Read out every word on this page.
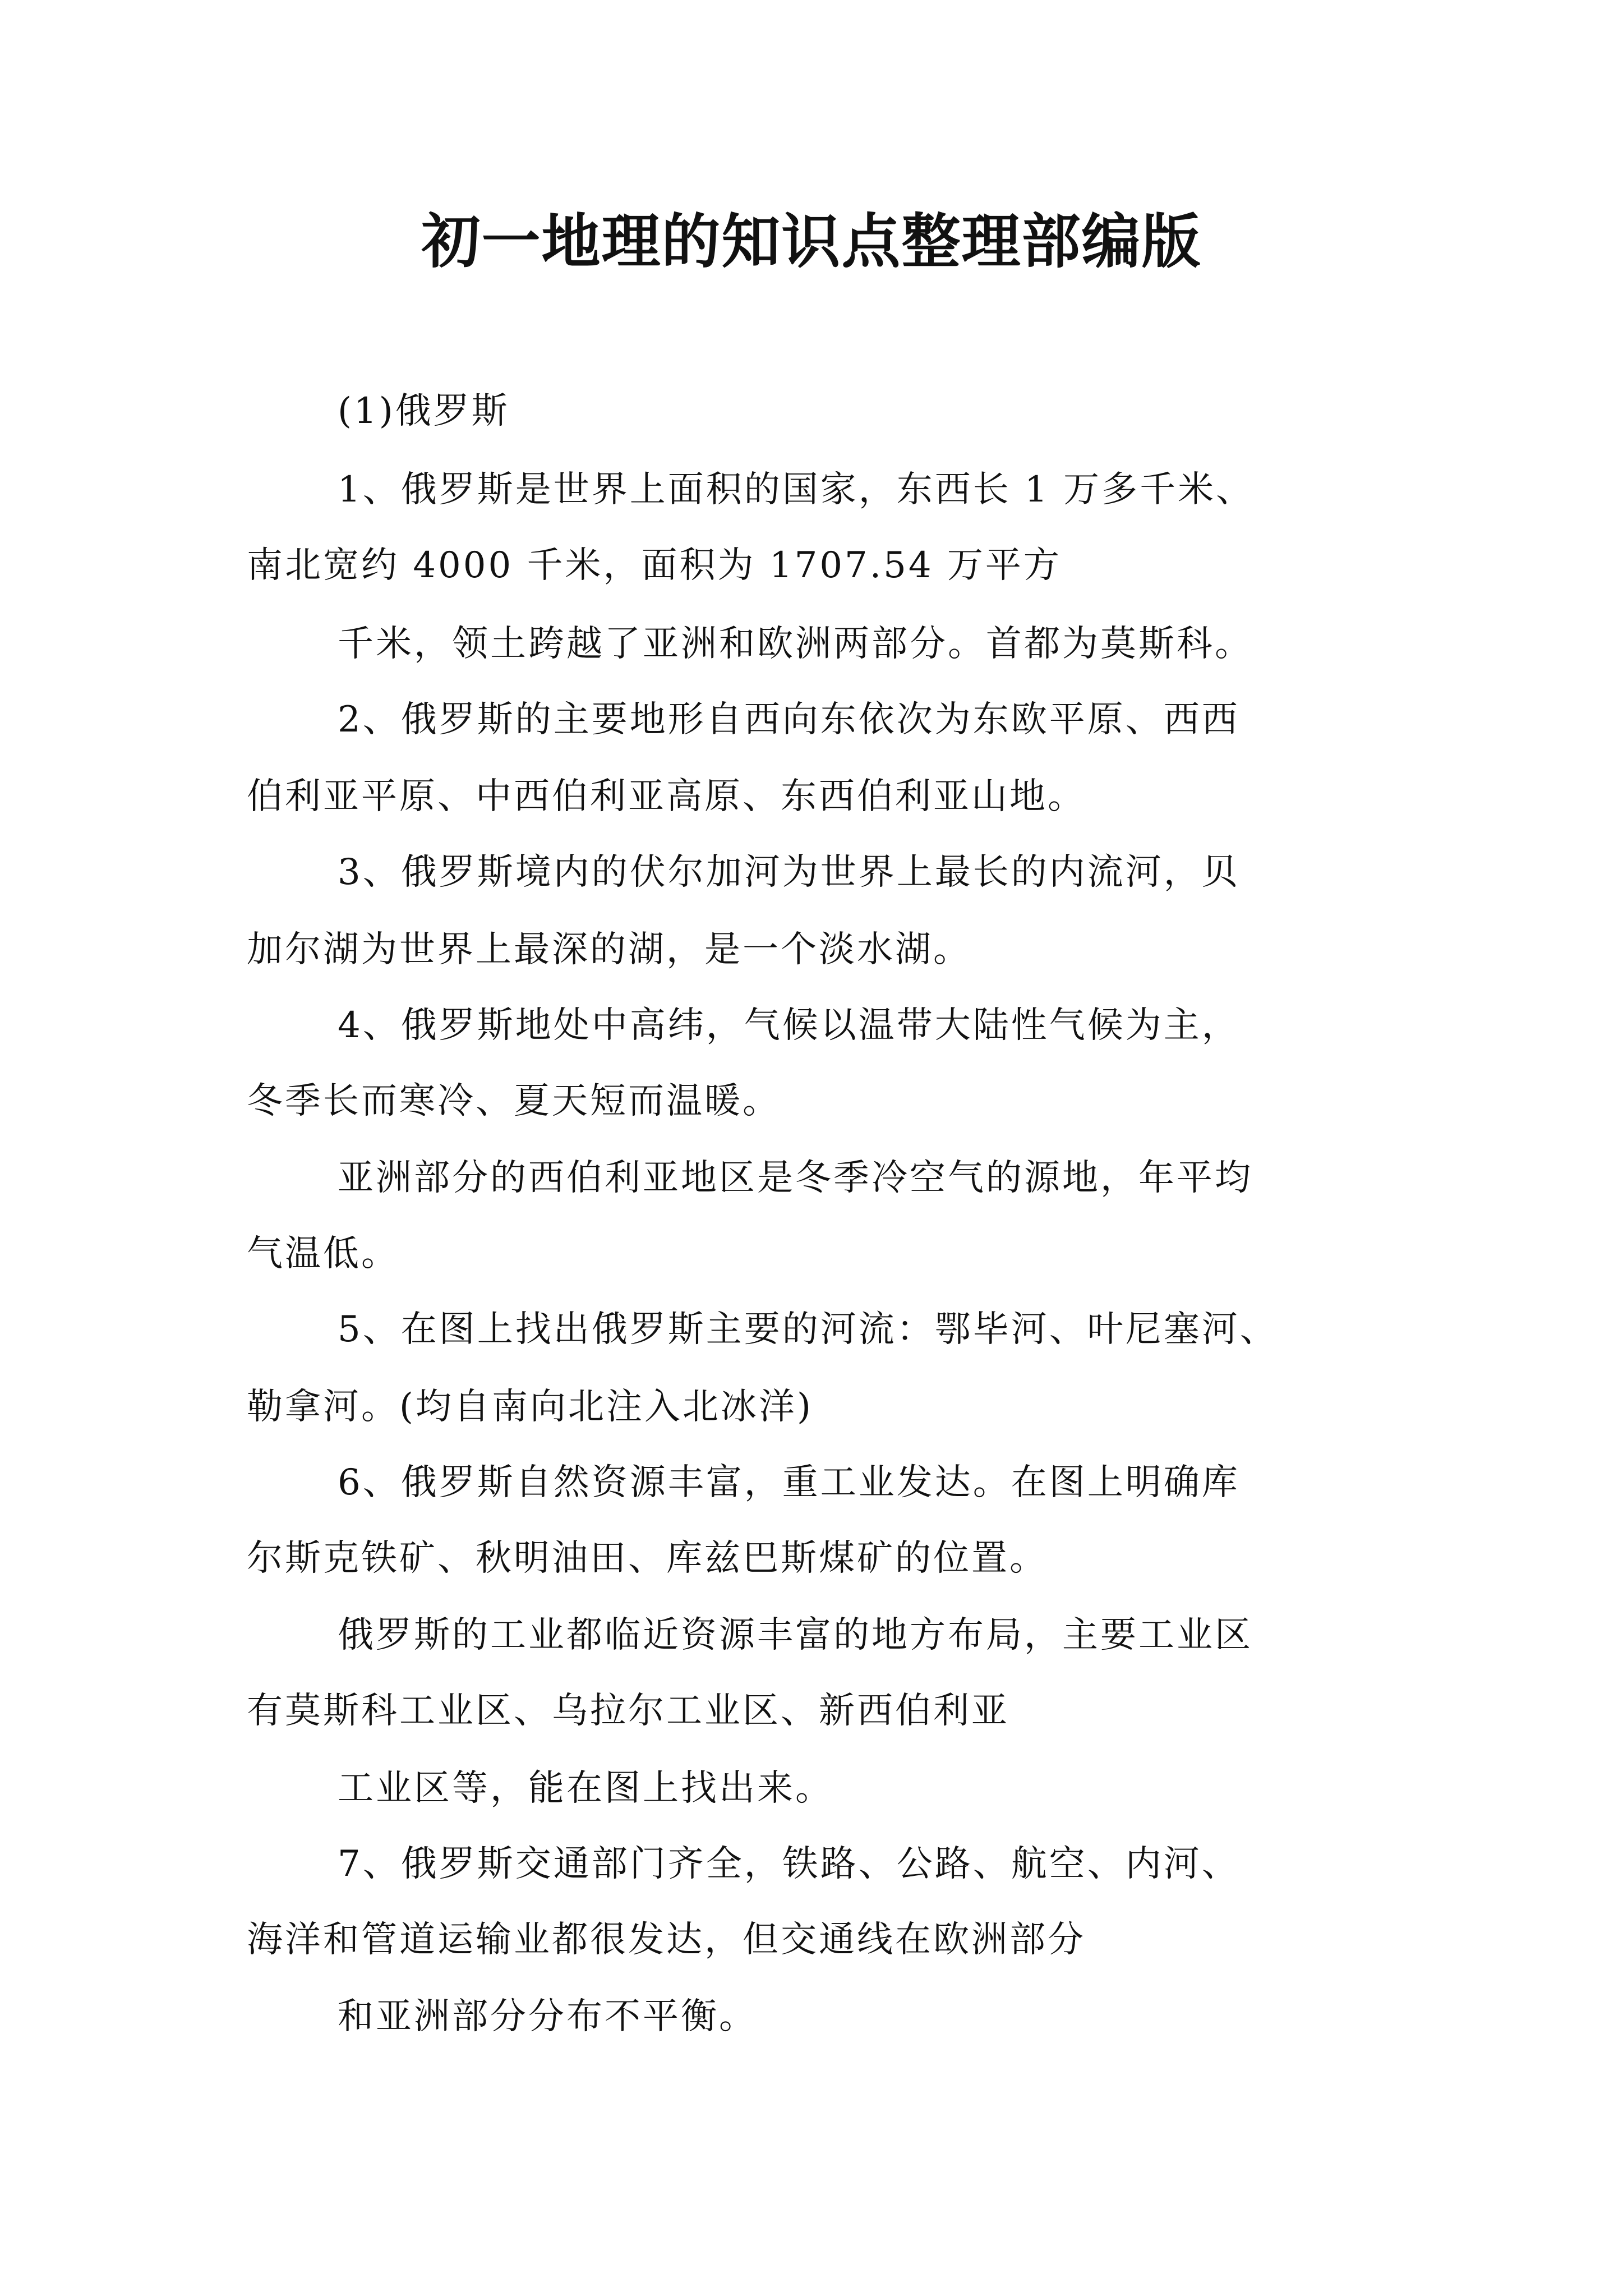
初一地理的知识点整理部编版
(1)俄罗斯
1、俄罗斯是世界上面积的国家，东西长 1 万多千米、
南北宽约 4000 千米，面积为 1707.54 万平方
千米，领土跨越了亚洲和欧洲两部分。首都为莫斯科。
2、俄罗斯的主要地形自西向东依次为东欧平原、西西
伯利亚平原、中西伯利亚高原、东西伯利亚山地。
3、俄罗斯境内的伏尔加河为世界上最长的内流河，贝
加尔湖为世界上最深的湖，是一个淡水湖。
4、俄罗斯地处中高纬，气候以温带大陆性气候为主，
冬季长而寒冷、夏天短而温暖。
亚洲部分的西伯利亚地区是冬季冷空气的源地，年平均
气温低。
5、在图上找出俄罗斯主要的河流：鄂毕河、叶尼塞河、
勒拿河。(均自南向北注入北冰洋)
6、俄罗斯自然资源丰富，重工业发达。在图上明确库
尔斯克铁矿、秋明油田、库兹巴斯煤矿的位置。
俄罗斯的工业都临近资源丰富的地方布局，主要工业区
有莫斯科工业区、乌拉尔工业区、新西伯利亚
工业区等，能在图上找出来。
7、俄罗斯交通部门齐全，铁路、公路、航空、内河、
海洋和管道运输业都很发达，但交通线在欧洲部分
和亚洲部分分布不平衡。
